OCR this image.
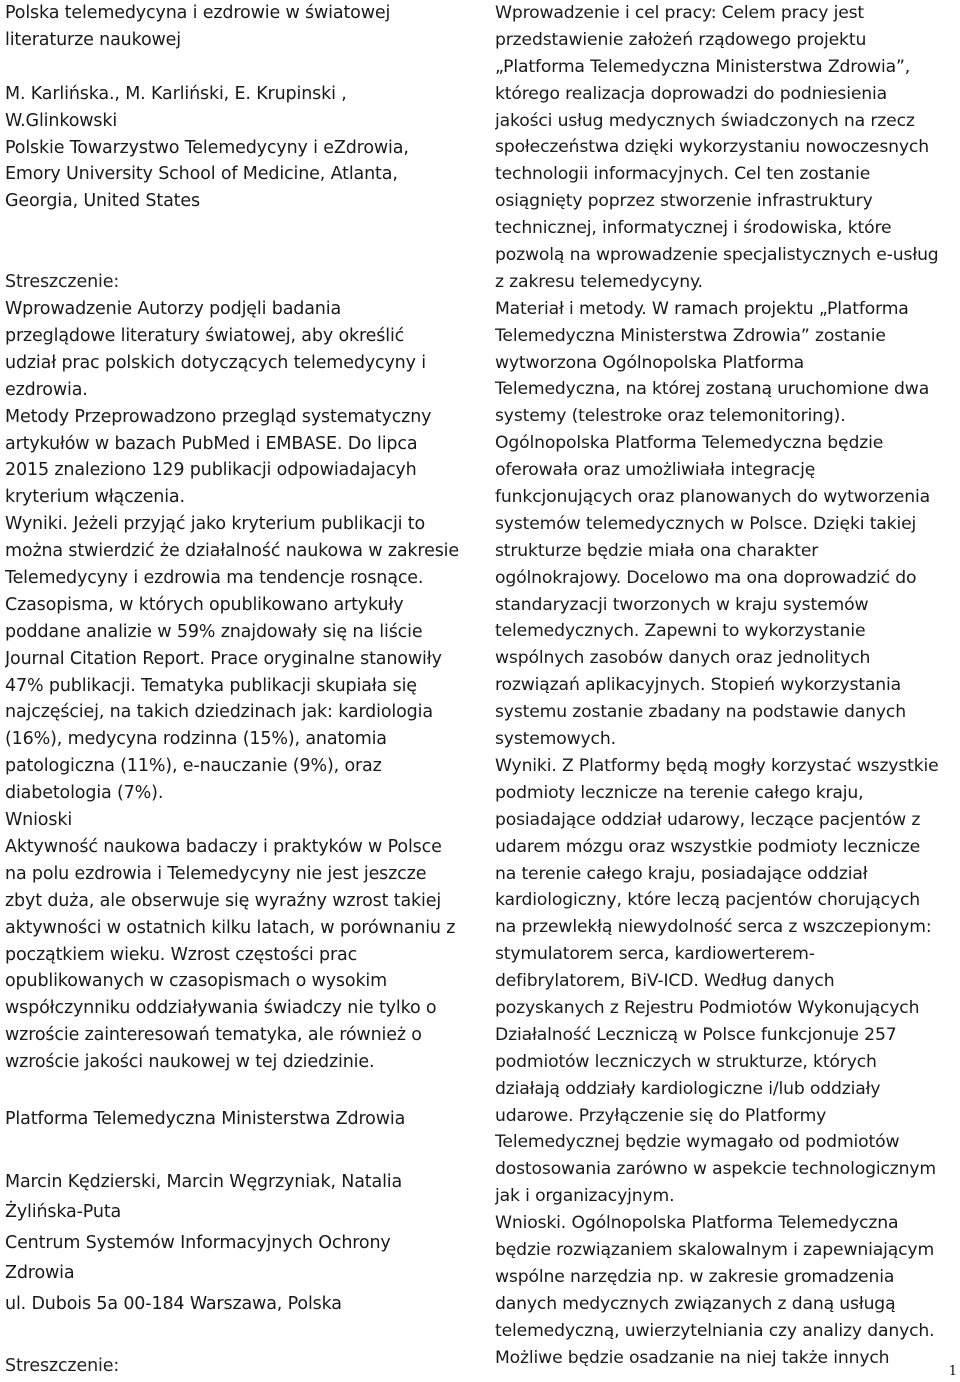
Polska telemedycyna i ezdrowie w światowej
literaturze naukowej
M. Karlińska., M. Karliński, E. Krupinski ,
W.Glinkowski
Polskie Towarzystwo Telemedycyny i eZdrowia,
Emory University School of Medicine, Atlanta,
Georgia, United States
Streszczenie:
Wprowadzenie Autorzy podjęli badania
przeglądowe literatury światowej, aby określić
udział prac polskich dotyczących telemedycyny i
ezdrowia.
Metody Przeprowadzono przegląd systematyczny
artykułów w bazach PubMed i EMBASE. Do lipca
2015 znaleziono 129 publikacji odpowiadajacyh
kryterium włączenia.
Wyniki. Jeżeli przyjąć jako kryterium publikacji to
można stwierdzić że działalność naukowa w zakresie
Telemedycyny i ezdrowia ma tendencje rosnące.
Czasopisma, w których opublikowano artykuły
poddane analizie w 59% znajdowały się na liście
Journal Citation Report. Prace oryginalne stanowiły
47% publikacji. Tematyka publikacji skupiała się
najczęściej, na takich dziedzinach jak: kardiologia
(16%), medycyna rodzinna (15%), anatomia
patologiczna (11%), e-nauczanie (9%), oraz
diabetologia (7%).
Wnioski
Aktywność naukowa badaczy i praktyków w Polsce
na polu ezdrowia i Telemedycyny nie jest jeszcze
zbyt duża, ale obserwuje się wyraźny wzrost takiej
aktywności w ostatnich kilku latach, w porównaniu z
początkiem wieku. Wzrost częstości prac
opublikowanych w czasopismach o wysokim
współczynniku oddziaływania świadczy nie tylko o
wzroście zainteresowań tematyka, ale również o
wzroście jakości naukowej w tej dziedzinie.
Platforma Telemedyczna Ministerstwa Zdrowia
Marcin Kędzierski, Marcin Węgrzyniak, Natalia
Żylińska-Puta
Centrum Systemów Informacyjnych Ochrony
Zdrowia
ul. Dubois 5a 00-184 Warszawa, Polska
Streszczenie:
Wprowadzenie i cel pracy: Celem pracy jest
przedstawienie założeń rządowego projektu
„Platforma Telemedyczna Ministerstwa Zdrowia”,
którego realizacja doprowadzi do podniesienia
jakości usług medycznych świadczonych na rzecz
społeczeństwa dzięki wykorzystaniu nowoczesnych
technologii informacyjnych. Cel ten zostanie
osiągnięty poprzez stworzenie infrastruktury
technicznej, informatycznej i środowiska, które
pozwolą na wprowadzenie specjalistycznych e-usług
z zakresu telemedycyny.
Materiał i metody. W ramach projektu „Platforma
Telemedyczna Ministerstwa Zdrowia” zostanie
wytworzona Ogólnopolska Platforma
Telemedyczna, na której zostaną uruchomione dwa
systemy (telestroke oraz telemonitoring).
Ogólnopolska Platforma Telemedyczna będzie
oferowała oraz umożliwiała integrację
funkcjonujących oraz planowanych do wytworzenia
systemów telemedycznych w Polsce. Dzięki takiej
strukturze będzie miała ona charakter
ogólnokrajowy. Docelowo ma ona doprowadzić do
standaryzacji tworzonych w kraju systemów
telemedycznych. Zapewni to wykorzystanie
wspólnych zasobów danych oraz jednolitych
rozwiązań aplikacyjnych. Stopień wykorzystania
systemu zostanie zbadany na podstawie danych
systemowych.
Wyniki. Z Platformy będą mogły korzystać wszystkie
podmioty lecznicze na terenie całego kraju,
posiadające oddział udarowy, leczące pacjentów z
udarem mózgu oraz wszystkie podmioty lecznicze
na terenie całego kraju, posiadające oddział
kardiologiczny, które leczą pacjentów chorujących
na przewlekłą niewydolność serca z wszczepionym:
stymulatorem serca, kardiowerterem-
defibrylatorem, BiV-ICD. Według danych
pozyskanych z Rejestru Podmiotów Wykonujących
Działalność Leczniczą w Polsce funkcjonuje 257
podmiotów leczniczych w strukturze, których
działają oddziały kardiologiczne i/lub oddziały
udarowe. Przyłączenie się do Platformy
Telemedycznej będzie wymagało od podmiotów
dostosowania zarówno w aspekcie technologicznym
jak i organizacyjnym.
Wnioski. Ogólnopolska Platforma Telemedyczna
będzie rozwiązaniem skalowalnym i zapewniającym
wspólne narzędzia np. w zakresie gromadzenia
danych medycznych związanych z daną usługą
telemedyczną, uwierzytelniania czy analizy danych.
Możliwe będzie osadzanie na niej także innych
1
